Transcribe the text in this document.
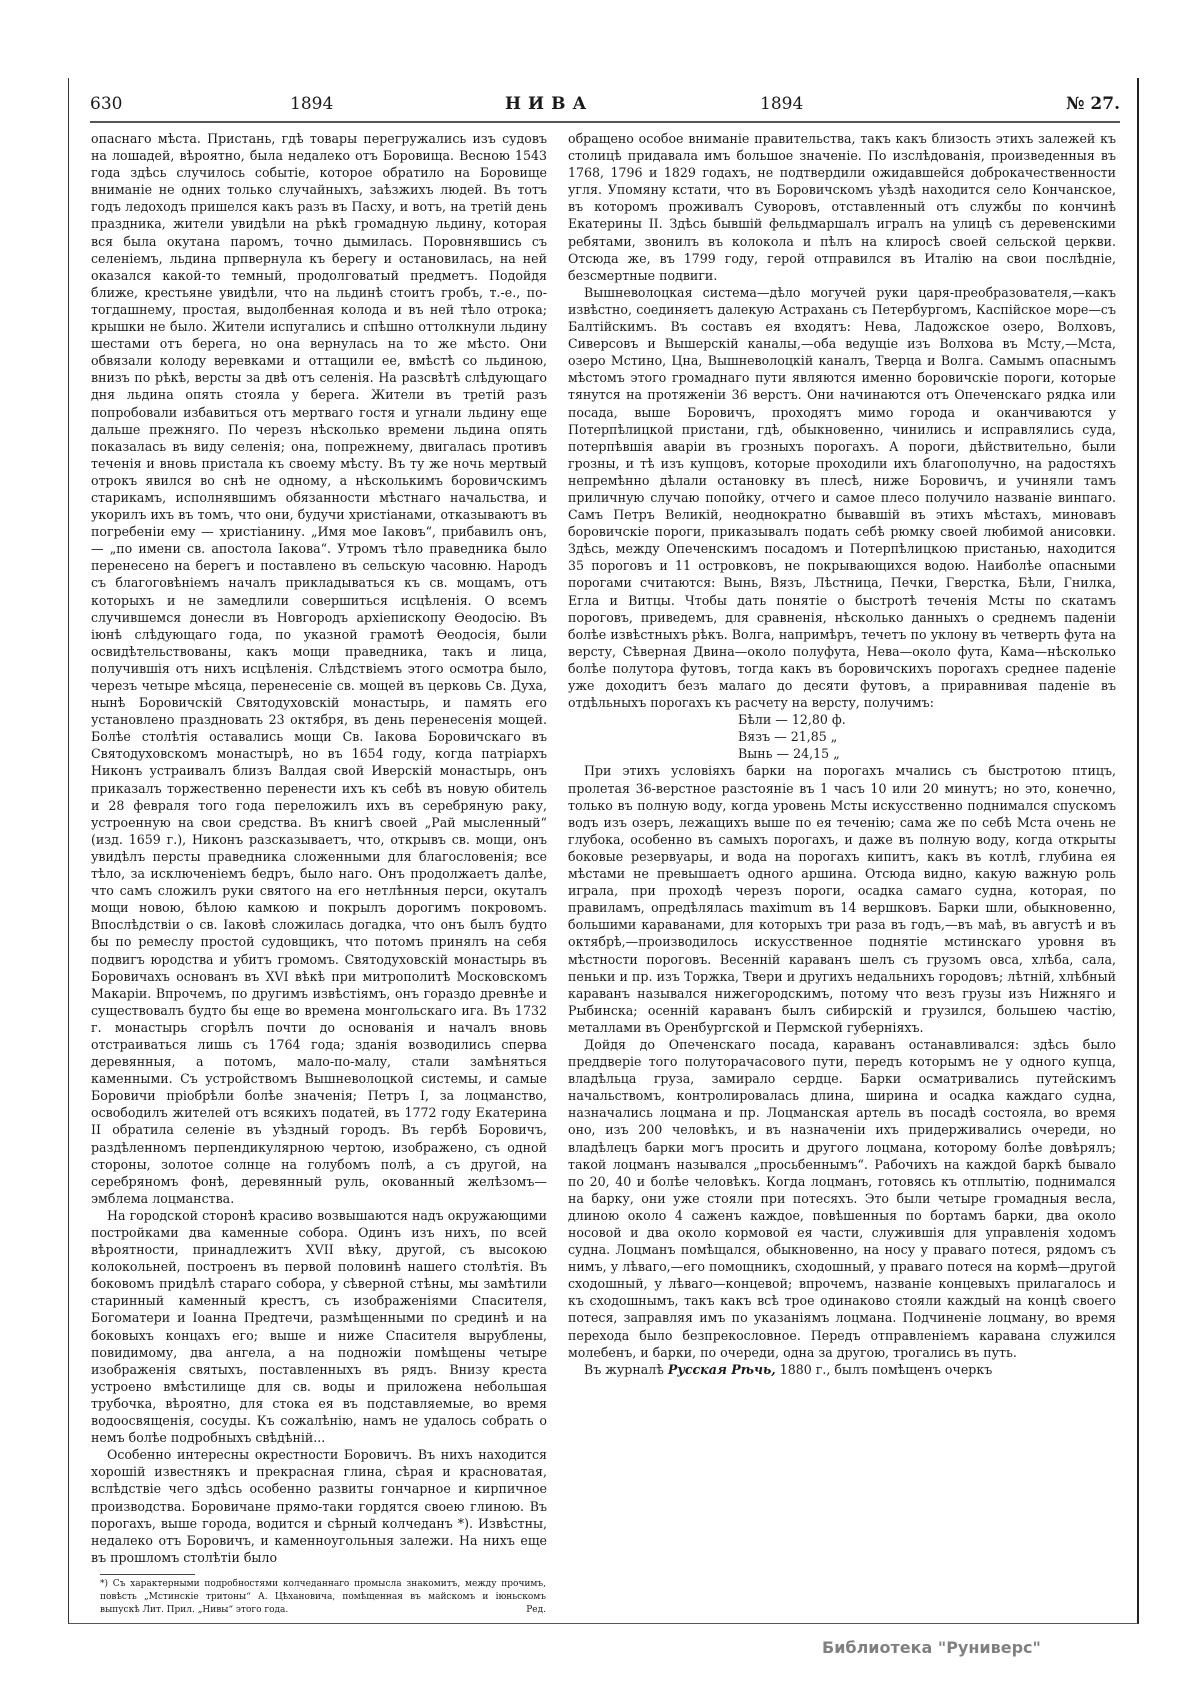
630	1894	НИВА	1894	№ 27.

опаснаго мѣста. Пристань, гдѣ товары перегружались изъ судовъ на лошадей, вѣроятно, была недалеко отъ Боровища. Весною 1543 года здѣсь случилось событіе, которое обратило на Боровище вниманіе не одних только случайныхъ, заѣзжихъ людей. Въ тотъ годъ ледоходъ пришелся какъ разъ въ Пасху, и вотъ, на третій день праздника, жители увидѣли на рѣкѣ громадную льдину, которая вся была окутана паромъ, точно дымилась. Поровнявшись съ селеніемъ, льдина прпвернула къ берегу и остановилась, на ней оказался какой-то темный, продолговатый предметъ. Подойдя ближе, крестьяне увидѣли, что на льдинѣ стоитъ гробъ, т.-е., по-тогдашнему, простая, выдолбенная колода и въ ней тѣло отрока; крышки не было. Жители испугались и спѣшно оттолкнули льдину шестами отъ берега, но она вернулась на то же мѣсто. Они обвязали колоду веревками и оттащили ее, вмѣстѣ со льдиною, внизъ по рѣкѣ, версты за двѣ отъ селенія. На разсвѣтѣ слѣдующаго дня льдина опять стояла у берега. Жители въ третій разъ попробовали избавиться отъ мертваго гостя и угнали льдину еще дальше прежняго. По черезъ нѣсколько времени льдина опять показалась въ виду селенія; она, попрежнему, двигалась противъ теченія и вновь пристала къ своему мѣсту. Въ ту же ночь мертвый отрокъ явился во снѣ не одному, а нѣсколькимъ боровичскимъ старикамъ, исполнявшимъ обязанности мѣстнаго начальства, и укорилъ ихъ въ томъ, что они, будучи христіанами, отказываютъ въ погребеніи ему — христіанину. „Имя мое Іаковъ“, прибавилъ онъ, — „по имени св. апостола Іакова“. Утромъ тѣло праведника было перенесено на берегъ и поставлено въ сельскую часовню. Народъ съ благоговѣніемъ началъ прикладываться къ св. мощамъ, отъ которыхъ и не замедлили совершиться исцѣленія. О всемъ случившемся донесли въ Новгородъ архіепископу Ѳеодосію. Въ іюнѣ слѣдующаго года, по указной грамотѣ Ѳеодосія, были освидѣтельствованы, какъ мощи праведника, такъ и лица, получившія отъ нихъ исцѣленія. Слѣдствіемъ этого осмотра было, черезъ четыре мѣсяца, перенесеніе св. мощей въ церковь Св. Духа, нынѣ Боровичскій Святодуховскій монастырь, и память его установлено праздновать 23 октября, въ день перенесенія мощей. Болѣе столѣтія оставались мощи Св. Іакова Боровичскаго въ Святодуховскомъ монастырѣ, но въ 1654 году, когда патріархъ Никонъ устраивалъ близъ Валдая свой Иверскій монастырь, онъ приказалъ торжественно перенести ихъ къ себѣ въ новую обитель и 28 февраля того года переложилъ ихъ въ серебряную раку, устроенную на свои средства. Въ книгѣ своей „Рай мысленный“ (изд. 1659 г.), Никонъ разсказываетъ, что, открывъ св. мощи, онъ увидѣлъ персты праведника сложенными для благословенія; все тѣло, за исключеніемъ бедръ, было наго. Онъ продолжаетъ далѣе, что самъ сложилъ руки святого на его нетлѣнныя перси, окуталъ мощи новою, бѣлою камкою и покрылъ дорогимъ покровомъ. Впослѣдствіи о св. Іаковѣ сложилась догадка, что онъ былъ будто бы по ремеслу простой судовщикъ, что потомъ принялъ на себя подвигъ юродства и убитъ громомъ. Святодуховскій монастырь въ Боровичахъ основанъ въ XVI вѣкѣ при митрополитѣ Московскомъ Макаріи. Впрочемъ, по другимъ извѣстіямъ, онъ гораздо древнѣе и существовалъ будто бы еще во времена монгольскаго ига. Въ 1732 г. монастырь сгорѣлъ почти до основанія и началъ вновь отстраиваться лишь съ 1764 года; зданія возводились сперва деревянныя, а потомъ, мало-по-малу, стали замѣняться каменными. Съ устройствомъ Вышневолоцкой системы, и самые Боровичи пріобрѣли болѣе значенія; Петръ I, за лоцманство, освободилъ жителей отъ всякихъ податей, въ 1772 году Екатерина II обратила селеніе въ уѣздный городъ. Въ гербѣ Боровичъ, раздѣленномъ перпендикулярною чертою, изображено, съ одной стороны, золотое солнце на голубомъ полѣ, а съ другой, на серебряномъ фонѣ, деревянный руль, окованный желѣзомъ—эмблема лоцманства.

На городской сторонѣ красиво возвышаются надъ окружающими постройками два каменные собора. Одинъ изъ нихъ, по всей вѣроятности, принадлежитъ XVII вѣку, другой, съ высокою колокольней, построенъ въ первой половинѣ нашего столѣтія. Въ боковомъ придѣлѣ стараго собора, у сѣверной стѣны, мы замѣтили старинный каменный крестъ, съ изображеніями Спасителя, Богоматери и Іоанна Предтечи, размѣщенными по срединѣ и на боковыхъ концахъ его; выше и ниже Спасителя вырублены, повидимому, два ангела, а на подножіи помѣщены четыре изображенія святыхъ, поставленныхъ въ рядъ. Внизу креста устроено вмѣстилище для св. воды и приложена небольшая трубочка, вѣроятно, для стока ея въ подставляемые, во время водоосвященія, сосуды. Къ сожалѣнію, намъ не удалось собрать о немъ болѣе подробныхъ свѣдѣній...

Особенно интересны окрестности Боровичъ. Въ нихъ находится хорошій известнякъ и прекрасная глина, сѣрая и красноватая, вслѣдствіе чего здѣсь особенно развиты гончарное и кирпичное производства. Боровичане прямо-таки гордятся своею глиною. Въ порогахъ, выше города, водится и сѣрный колчеданъ *). Извѣстны, недалеко отъ Боровичъ, и каменноугольныя залежи. На нихъ еще въ прошломъ столѣтіи было

обращено особое вниманіе правительства, такъ какъ близость этихъ залежей къ столицѣ придавала имъ большое значеніе. По изслѣдованія, произведенныя въ 1768, 1796 и 1829 годахъ, не подтвердили ожидавшейся доброкачественности угля. Упомяну кстати, что въ Боровичскомъ уѣздѣ находится село Кончанское, въ которомъ проживалъ Суворовъ, отставленный отъ службы по кончинѣ Екатерины II. Здѣсь бывшій фельдмаршалъ игралъ на улицѣ съ деревенскими ребятами, звонилъ въ колокола и пѣлъ на клиросѣ своей сельской церкви. Отсюда же, въ 1799 году, герой отправился въ Италію на свои послѣдніе, безсмертные подвиги.

Вышневолоцкая система—дѣло могучей руки царя-преобразователя,—какъ извѣстно, соединяетъ далекую Астрахань съ Петербургомъ, Каспійское море—съ Балтійскимъ. Въ составъ ея входятъ: Нева, Ладожское озеро, Волховъ, Сиверсовъ и Вышерскій каналы,—оба ведущіе изъ Волхова въ Мсту,—Мста, озеро Мстино, Цна, Вышневолоцкій каналъ, Тверца и Волга. Самымъ опаснымъ мѣстомъ этого громаднаго пути являются именно боровичскіе пороги, которые тянутся на протяженіи 36 верстъ. Они начинаются отъ Опеченскаго рядка или посада, выше Боровичъ, проходятъ мимо города и оканчиваются у Потерпѣлицкой пристани, гдѣ, обыкновенно, чинились и исправлялись суда, потерпѣвшія аваріи въ грозныхъ порогахъ. А пороги, дѣйствительно, были грозны, и тѣ изъ купцовъ, которые проходили ихъ благополучно, на радостяхъ непремѣнно дѣлали остановку въ плесѣ, ниже Боровичъ, и учиняли тамъ приличную случаю попойку, отчего и самое плесо получило названіе винпаго. Самъ Петръ Великій, неоднократно бывавшій въ этихъ мѣстахъ, миновавъ боровичскіе пороги, приказывалъ подать себѣ рюмку своей любимой анисовки. Здѣсь, между Опеченскимъ посадомъ и Потерпѣлицкою пристанью, находится 35 пороговъ и 11 островковъ, не покрывающихся водою. Наиболѣе опасными порогами считаются: Вынь, Вязъ, Лѣстница, Печки, Гверстка, Бѣли, Гнилка, Егла и Витцы. Чтобы дать понятіе о быстротѣ теченія Мсты по скатамъ пороговъ, приведемъ, для сравненія, нѣсколько данныхъ о среднемъ паденіи болѣе извѣстныхъ рѣкъ. Волга, напримѣръ, течетъ по уклону въ четверть фута на версту, Сѣверная Двина—около полуфута, Нева—около фута, Кама—нѣсколько болѣе полутора футовъ, тогда какъ въ боровичскихъ порогахъ среднее паденіе уже доходитъ безъ малаго до десяти футовъ, а приравнивая паденіе въ отдѣльныхъ порогахъ къ расчету на версту, получимъ:

Бѣли — 12,80 ф.
Вязъ — 21,85 „
Вынь — 24,15 „

При этихъ условіяхъ барки на порогахъ мчались съ быстротою птицъ, пролетая 36-верстное разстояніе въ 1 часъ 10 или 20 минутъ; но это, конечно, только въ полную воду, когда уровень Мсты искусственно поднимался спускомъ водъ изъ озеръ, лежащихъ выше по ея теченію; сама же по себѣ Мста очень не глубока, особенно въ самыхъ порогахъ, и даже въ полную воду, когда открыты боковые резервуары, и вода на порогахъ кипитъ, какъ въ котлѣ, глубина ея мѣстами не превышаетъ одного аршина. Отсюда видно, какую важную роль играла, при проходѣ черезъ пороги, осадка самаго судна, которая, по правиламъ, опредѣлялась maximum въ 14 вершковъ. Барки шли, обыкновенно, большими караванами, для которыхъ три раза въ годъ,—въ маѣ, въ августѣ и въ октябрѣ,—производилось искусственное поднятіе мстинскаго уровня въ мѣстности пороговъ. Весенній караванъ шелъ съ грузомъ овса, хлѣба, сала, пеньки и пр. изъ Торжка, Твери и другихъ недальнихъ городовъ; лѣтній, хлѣбный караванъ назывался нижегородскимъ, потому что везъ грузы изъ Нижняго и Рыбинска; осенній караванъ былъ сибирскій и грузился, большею частію, металлами въ Оренбургской и Пермской губерніяхъ.

Дойдя до Опеченскаго посада, караванъ останавливался: здѣсь было преддверіе того полуторачасового пути, передъ которымъ не у одного купца, владѣльца груза, замирало сердце. Барки осматривались путейскимъ начальствомъ, контролировалась длина, ширина и осадка каждаго судна, назначались лоцмана и пр. Лоцманская артель въ посадѣ состояла, во время оно, изъ 200 человѣкъ, и въ назначеніи ихъ придерживались очереди, но владѣлецъ барки могъ просить и другого лоцмана, которому болѣе довѣрялъ; такой лоцманъ назывался „просьбеннымъ“. Рабочихъ на каждой баркѣ бывало по 20, 40 и болѣе человѣкъ. Когда лоцманъ, готовясь къ отплытію, поднимался на барку, они уже стояли при потесяхъ. Это были четыре громадныя весла, длиною около 4 саженъ каждое, повѣшенныя по бортамъ барки, два около носовой и два около кормовой ея части, служившія для управленія ходомъ судна. Лоцманъ помѣщался, обыкновенно, на носу у праваго потеся, рядомъ съ нимъ, у лѣваго,—его помощникъ, сходошный, у праваго потеся на кормѣ—другой сходошный, у лѣваго—концевой; впрочемъ, названіе концевыхъ прилагалось и къ сходошнымъ, такъ какъ всѣ трое одинаково стояли каждый на концѣ своего потеся, заправляя имъ по указаніямъ лоцмана. Подчиненіе лоцману, во время перехода было безпрекословное. Передъ отправленіемъ каравана служился молебенъ, и барки, по очереди, одна за другою, трогались въ путь.

Въ журналѣ Русская Рѣчь, 1880 г., былъ помѣщенъ очеркъ

*) Съ характерными подробностями колчеданнаго промысла знакомитъ, между прочимъ, повѣсть „Мстинскіе тритоны“ А. Цѣхановича, помѣщенная въ майскомъ и іюньскомъ выпускѣ Лит. Прил. „Нивы“ этого года.	Ред.
Библиотека "Руниверс"
